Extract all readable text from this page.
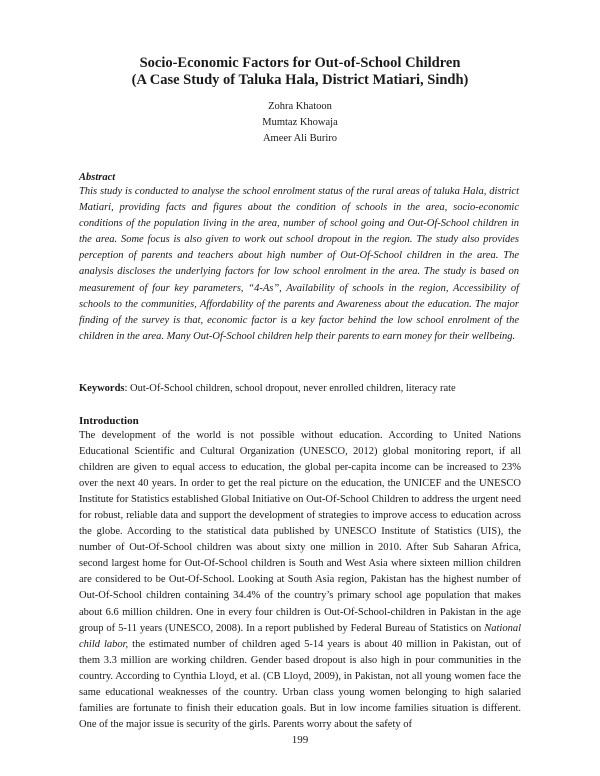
Socio-Economic Factors for Out-of-School Children
(A Case Study of Taluka Hala, District Matiari, Sindh)
Zohra Khatoon
Mumtaz Khowaja
Ameer Ali Buriro
Abstract

This study is conducted to analyse the school enrolment status of the rural areas of taluka Hala, district Matiari, providing facts and figures about the condition of schools in the area, socio-economic conditions of the population living in the area, number of school going and Out-Of-School children in the area. Some focus is also given to work out school dropout in the region. The study also provides perception of parents and teachers about high number of Out-Of-School children in the area. The analysis discloses the underlying factors for low school enrolment in the area. The study is based on measurement of four key parameters, “4-As”, Availability of schools in the region, Accessibility of schools to the communities, Affordability of the parents and Awareness about the education. The major finding of the survey is that, economic factor is a key factor behind the low school enrolment of the children in the area. Many Out-Of-School children help their parents to earn money for their wellbeing.

Keywords: Out-Of-School children, school dropout, never enrolled children, literacy rate

Introduction

The development of the world is not possible without education. According to United Nations Educational Scientific and Cultural Organization (UNESCO, 2012) global monitoring report, if all children are given to equal access to education, the global per-capita income can be increased to 23% over the next 40 years. In order to get the real picture on the education, the UNICEF and the UNESCO Institute for Statistics established Global Initiative on Out-Of-School Children to address the urgent need for robust, reliable data and support the development of strategies to improve access to education across the globe. According to the statistical data published by UNESCO Institute of Statistics (UIS), the number of Out-Of-School children was about sixty one million in 2010. After Sub Saharan Africa, second largest home for Out-Of-School children is South and West Asia where sixteen million children are considered to be Out-Of-School. Looking at South Asia region, Pakistan has the highest number of Out-Of-School children containing 34.4% of the country’s primary school age population that makes about 6.6 million children. One in every four children is Out-Of-School-children in Pakistan in the age group of 5-11 years (UNESCO, 2008). In a report published by Federal Bureau of Statistics on National child labor, the estimated number of children aged 5-14 years is about 40 million in Pakistan, out of them 3.3 million are working children. Gender based dropout is also high in pour communities in the country. According to Cynthia Lloyd, et al. (CB Lloyd, 2009), in Pakistan, not all young women face the same educational weaknesses of the country. Urban class young women belonging to high salaried families are fortunate to finish their education goals. But in low income families situation is different. One of the major issue is security of the girls. Parents worry about the safety of

199
